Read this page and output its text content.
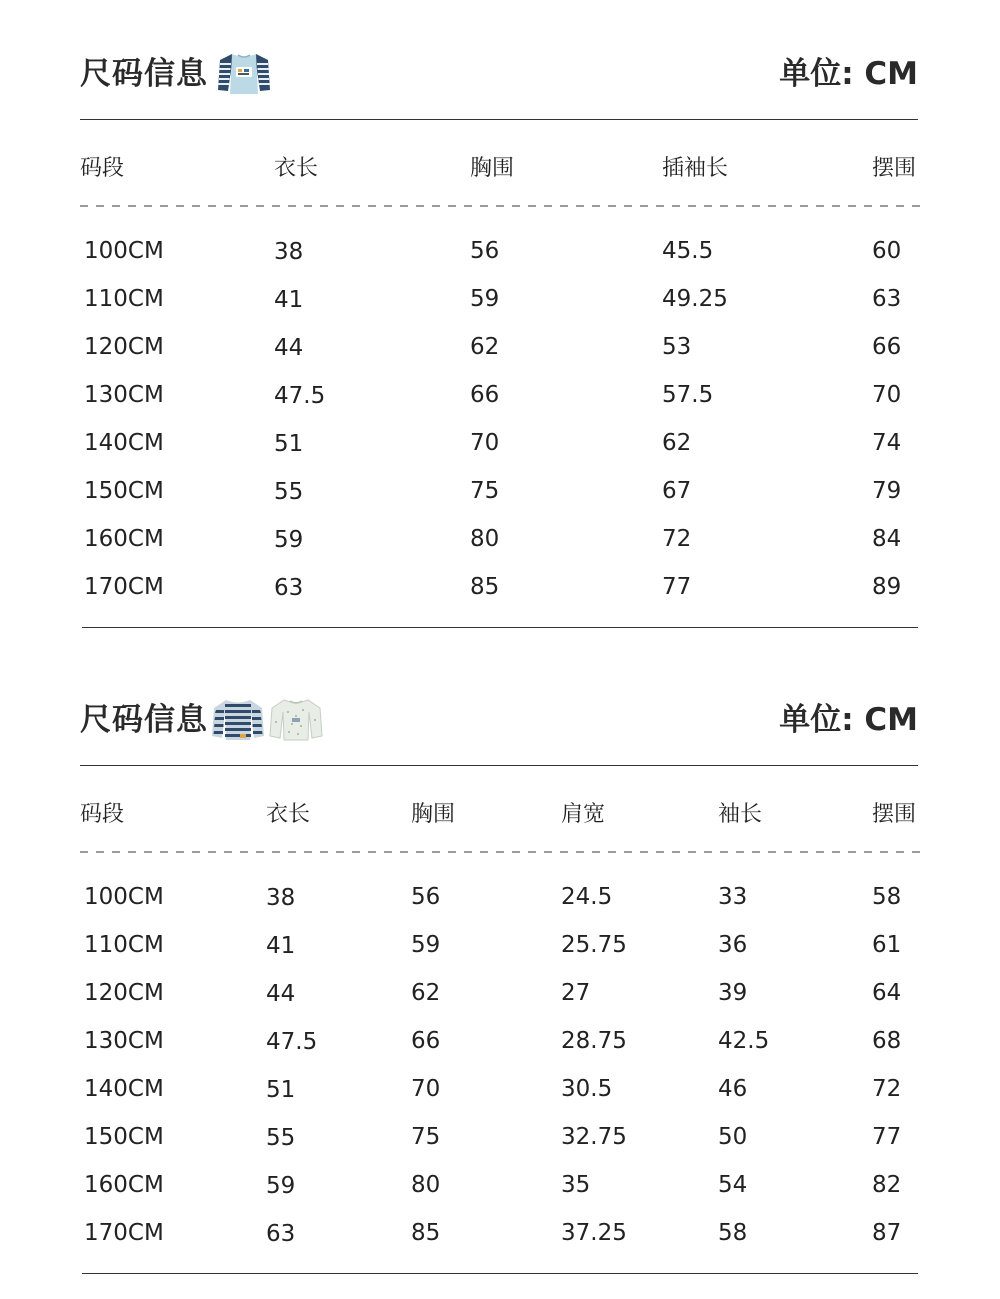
尺码信息	单位: CM
码段	衣长	胸围	插袖长	摆围
100CM	38	56	45.5	60
110CM	41	59	49.25	63
120CM	44	62	53	66
130CM	47.5	66	57.5	70
140CM	51	70	62	74
150CM	55	75	67	79
160CM	59	80	72	84
170CM	63	85	77	89
尺码信息	单位: CM
码段	衣长	胸围	肩宽	袖长	摆围
100CM	38	56	24.5	33	58
110CM	41	59	25.75	36	61
120CM	44	62	27	39	64
130CM	47.5	66	28.75	42.5	68
140CM	51	70	30.5	46	72
150CM	55	75	32.75	50	77
160CM	59	80	35	54	82
170CM	63	85	37.25	58	87
